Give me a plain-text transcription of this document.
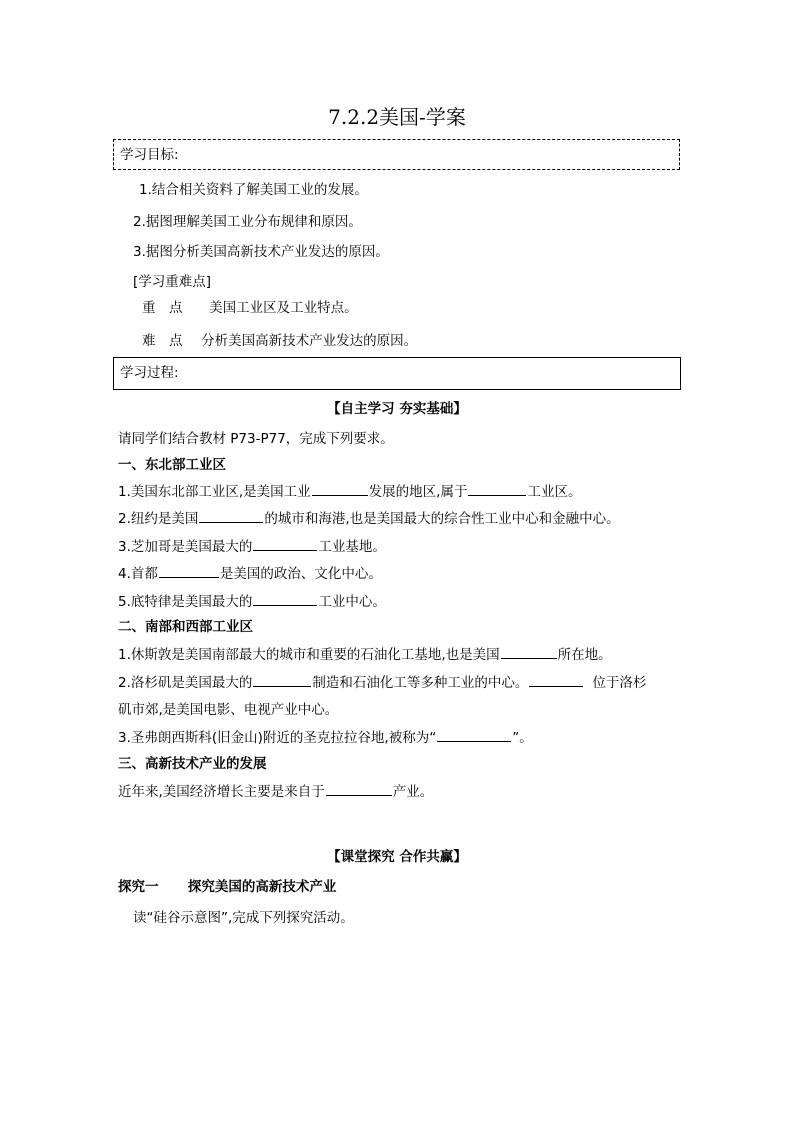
7.2.2美国-学案
学习目标:
1.结合相关资料了解美国工业的发展。
2.据图理解美国工业分布规律和原因。
3.据图分析美国高新技术产业发达的原因。
[学习重难点]
重　点 美国工业区及工业特点。
难　点 分析美国高新技术产业发达的原因。
学习过程:
【自主学习 夯实基础】
请同学们结合教材 P73-P77，完成下列要求。
一、东北部工业区
1.美国东北部工业区,是美国工业	发展的地区,属于	工业区。
2.纽约是美国	的城市和海港,也是美国最大的综合性工业中心和金融中心。
3.芝加哥是美国最大的	工业基地。
4.首都	是美国的政治、文化中心。
5.底特律是美国最大的	工业中心。
二、南部和西部工业区
1.休斯敦是美国南部最大的城市和重要的石油化工基地,也是美国	所在地。
2.洛杉矶是美国最大的	制造和石油化工等多种工业的中心。	位于洛杉
矶市郊,是美国电影、电视产业中心。
3.圣弗朗西斯科(旧金山)附近的圣克拉拉谷地,被称为“	”。
三、高新技术产业的发展
近年来,美国经济增长主要是来自于	产业。
【课堂探究 合作共赢】
探究一 探究美国的高新技术产业
读“硅谷示意图”,完成下列探究活动。
